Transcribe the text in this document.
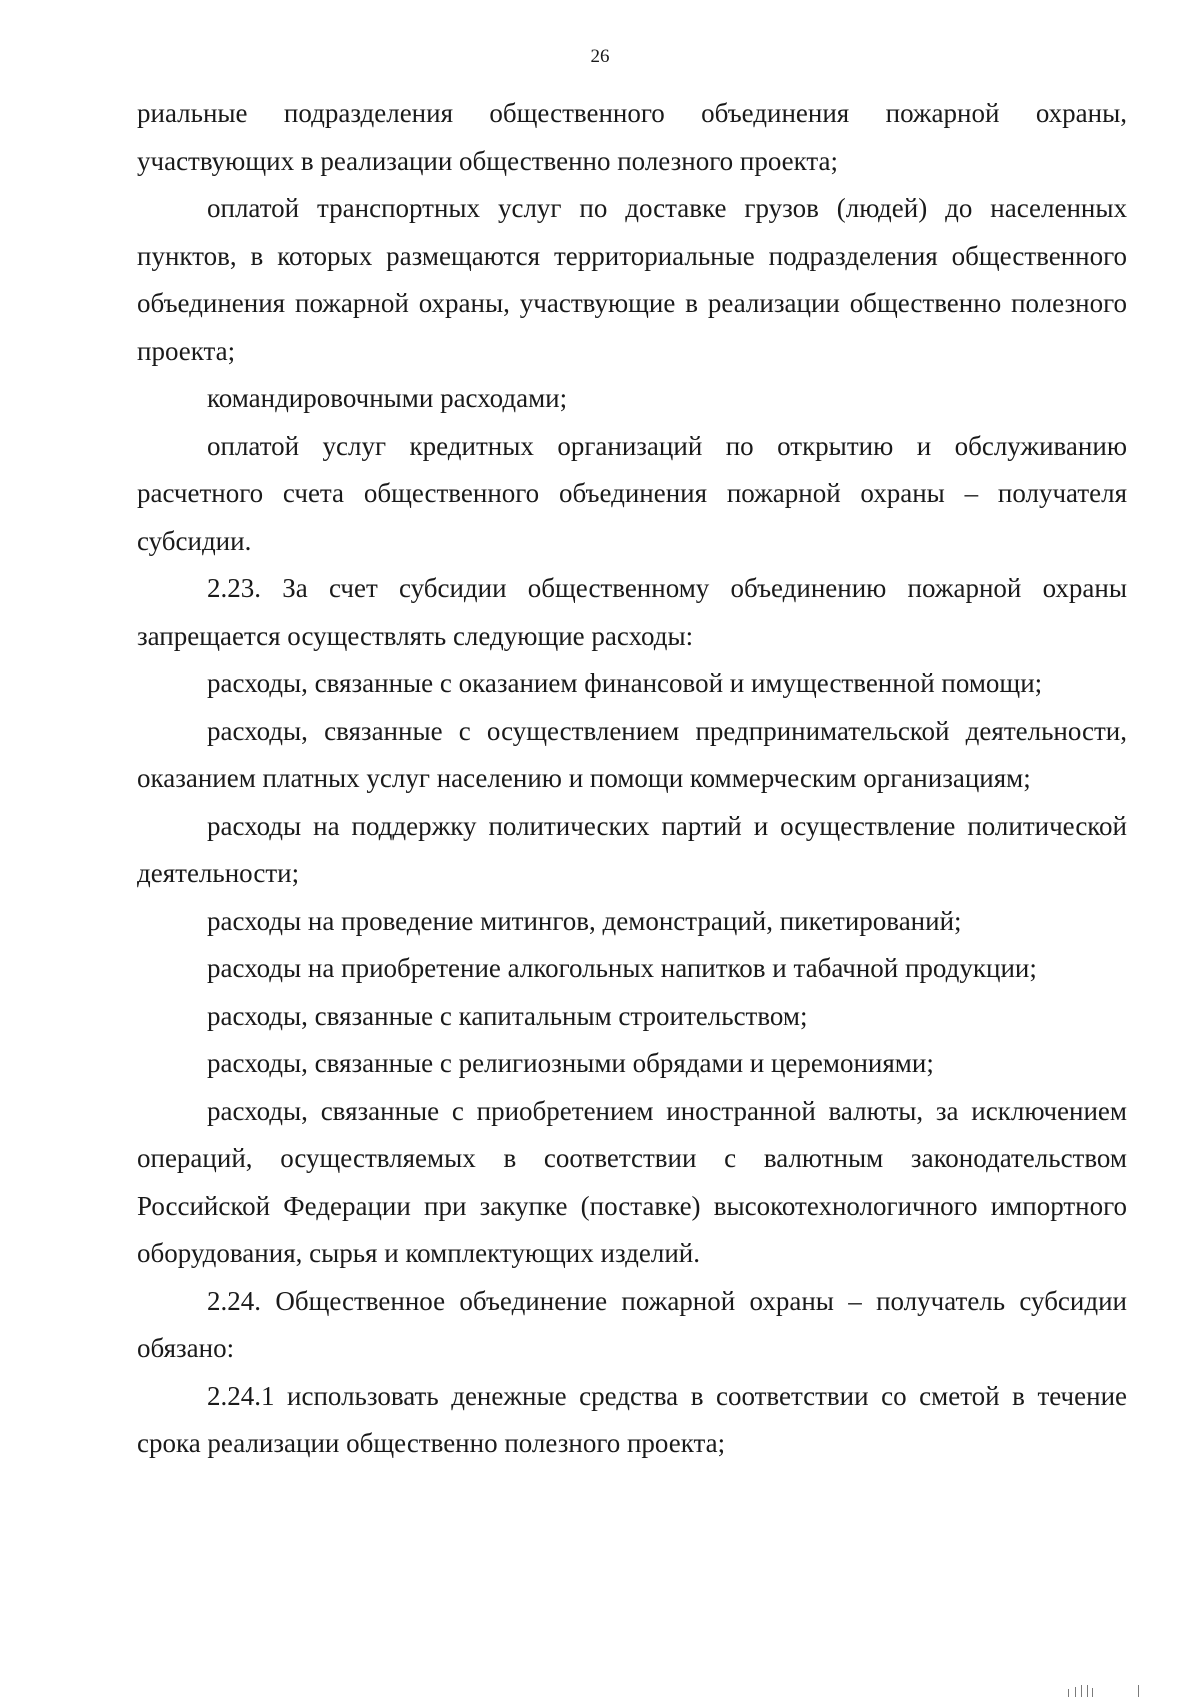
26

риальные подразделения общественного объединения пожарной охраны, участвующих в реализации общественно полезного проекта;

оплатой транспортных услуг по доставке грузов (людей) до населенных пунктов, в которых размещаются территориальные подразделения общественного объединения пожарной охраны, участвующие в реализации общественно полезного проекта;

командировочными расходами;

оплатой услуг кредитных организаций по открытию и обслуживанию расчетного счета общественного объединения пожарной охраны – получателя субсидии.

2.23. За счет субсидии общественному объединению пожарной охраны запрещается осуществлять следующие расходы:

расходы, связанные с оказанием финансовой и имущественной помощи;

расходы, связанные с осуществлением предпринимательской деятельности, оказанием платных услуг населению и помощи коммерческим организациям;

расходы на поддержку политических партий и осуществление политической деятельности;

расходы на проведение митингов, демонстраций, пикетирований;

расходы на приобретение алкогольных напитков и табачной продукции;

расходы, связанные с капитальным строительством;

расходы, связанные с религиозными обрядами и церемониями;

расходы, связанные с приобретением иностранной валюты, за исключением операций, осуществляемых в соответствии с валютным законодательством Российской Федерации при закупке (поставке) высокотехнологичного импортного оборудования, сырья и комплектующих изделий.

2.24. Общественное объединение пожарной охраны – получатель субсидии обязано:

2.24.1 использовать денежные средства в соответствии со сметой в течение срока реализации общественно полезного проекта;
